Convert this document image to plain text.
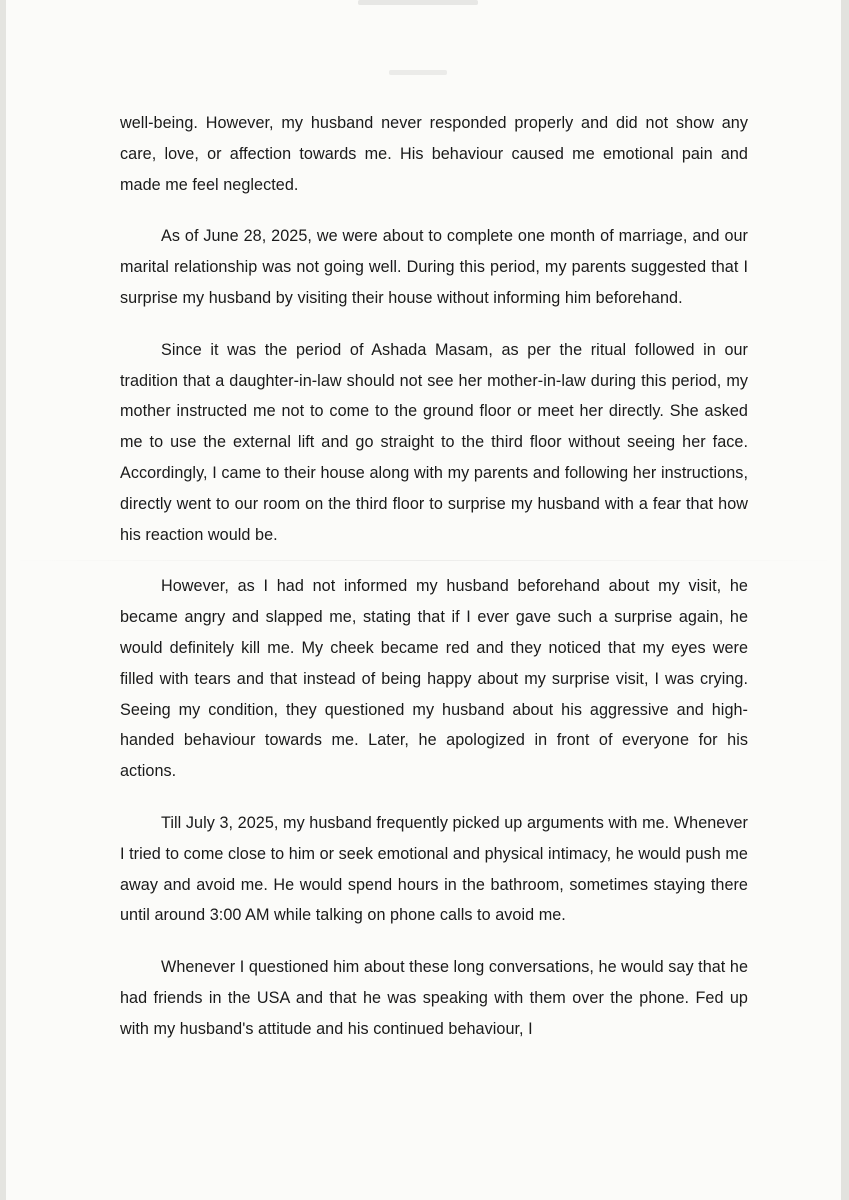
well-being. However, my husband never responded properly and did not show any care, love, or affection towards me. His behaviour caused me emotional pain and made me feel neglected.

As of June 28, 2025, we were about to complete one month of marriage, and our marital relationship was not going well. During this period, my parents suggested that I surprise my husband by visiting their house without informing him beforehand.

Since it was the period of Ashada Masam, as per the ritual followed in our tradition that a daughter-in-law should not see her mother-in-law during this period, my mother instructed me not to come to the ground floor or meet her directly. She asked me to use the external lift and go straight to the third floor without seeing her face. Accordingly, I came to their house along with my parents and following her instructions, directly went to our room on the third floor to surprise my husband with a fear that how his reaction would be.

However, as I had not informed my husband beforehand about my visit, he became angry and slapped me, stating that if I ever gave such a surprise again, he would definitely kill me. My cheek became red and they noticed that my eyes were filled with tears and that instead of being happy about my surprise visit, I was crying. Seeing my condition, they questioned my husband about his aggressive and high-handed behaviour towards me. Later, he apologized in front of everyone for his actions.

Till July 3, 2025, my husband frequently picked up arguments with me. Whenever I tried to come close to him or seek emotional and physical intimacy, he would push me away and avoid me. He would spend hours in the bathroom, sometimes staying there until around 3:00 AM while talking on phone calls to avoid me.

Whenever I questioned him about these long conversations, he would say that he had friends in the USA and that he was speaking with them over the phone. Fed up with my husband's attitude and his continued behaviour, I
